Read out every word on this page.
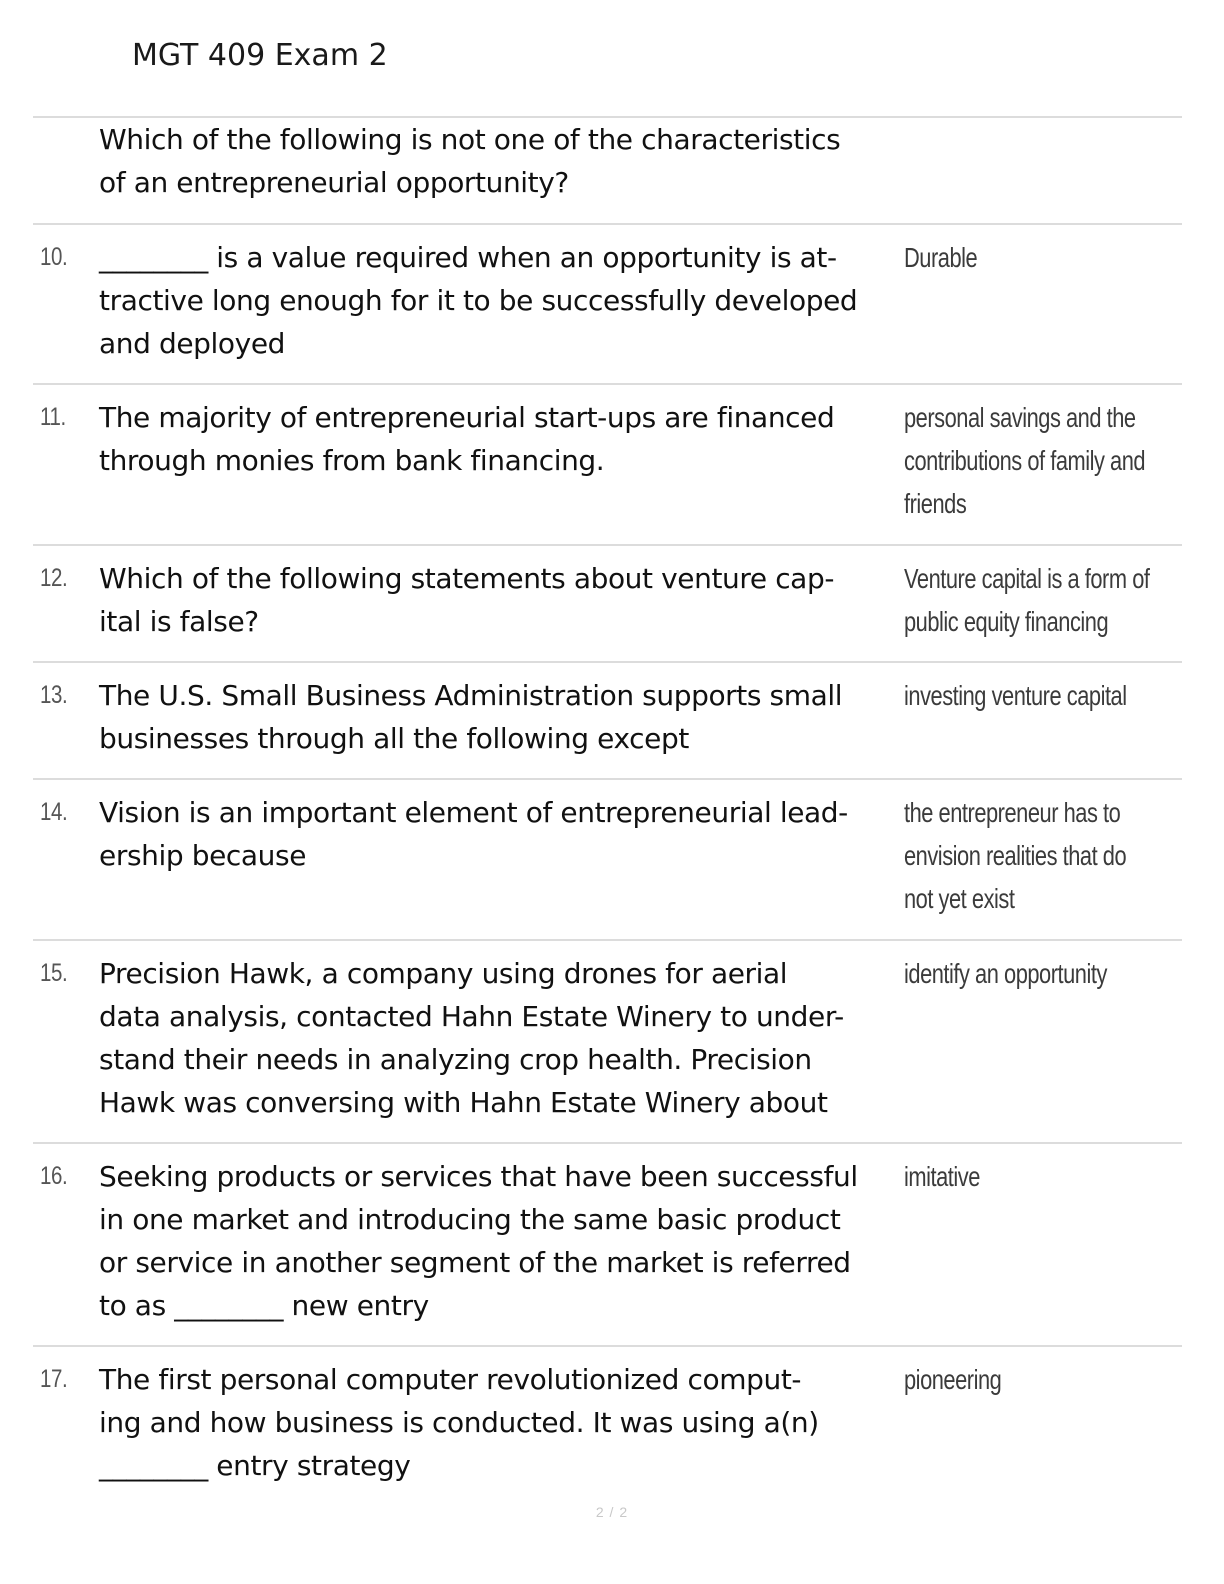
MGT 409 Exam 2
Which of the following is not one of the characteristics
of an entrepreneurial opportunity?
10. ________ is a value required when an opportunity is at-
tractive long enough for it to be successfully developed
and deployed
Durable
11. The majority of entrepreneurial start-ups are financed
through monies from bank financing.
personal savings and the
contributions of family and
friends
12. Which of the following statements about venture cap-
ital is false?
Venture capital is a form of
public equity financing
13. The U.S. Small Business Administration supports small
businesses through all the following except
investing venture capital
14. Vision is an important element of entrepreneurial lead-
ership because
the entrepreneur has to
envision realities that do
not yet exist
15. Precision Hawk, a company using drones for aerial
data analysis, contacted Hahn Estate Winery to under-
stand their needs in analyzing crop health. Precision
Hawk was conversing with Hahn Estate Winery about
identify an opportunity
16. Seeking products or services that have been successful
in one market and introducing the same basic product
or service in another segment of the market is referred
to as ________ new entry
imitative
17. The first personal computer revolutionized comput-
ing and how business is conducted. It was using a(n)
________ entry strategy
pioneering
2 / 2
